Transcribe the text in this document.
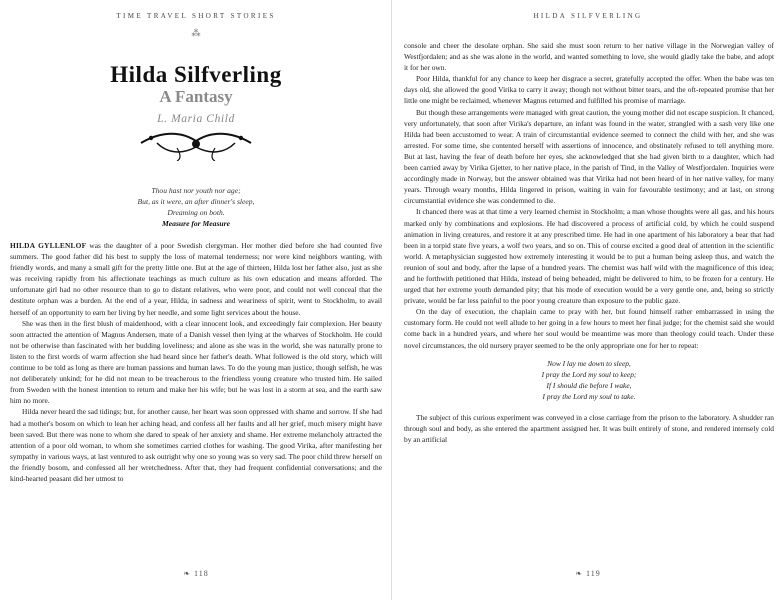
TIME TRAVEL SHORT STORIES
⁂
Hilda Silfverling
A Fantasy
L. Maria Child
Thou hast nor youth nor age;
But, as it were, an after dinner's sleep,
Dreaming on both.
Measure for Measure

HILDA GYLLENLOF was the daughter of a poor Swedish clergyman. Her mother died before she had counted five summers. The good father did his best to supply the loss of maternal tenderness; nor were kind neighbors wanting, with friendly words, and many a small gift for the pretty little one. But at the age of thirteen, Hilda lost her father also, just as she was receiving rapidly from his affectionate teachings as much culture as his own education and means afforded. The unfortunate girl had no other resource than to go to distant relatives, who were poor, and could not well conceal that the destitute orphan was a burden. At the end of a year, Hilda, in sadness and weariness of spirit, went to Stockholm, to avail herself of an opportunity to earn her living by her needle, and some light services about the house.

She was then in the first blush of maidenhood, with a clear innocent look, and exceedingly fair complexion. Her beauty soon attracted the attention of Magnus Andersen, mate of a Danish vessel then lying at the wharves of Stockholm. He could not be otherwise than fascinated with her budding loveliness; and alone as she was in the world, she was naturally prone to listen to the first words of warm affection she had heard since her father's death. What followed is the old story, which will continue to be told as long as there are human passions and human laws. To do the young man justice, though selfish, he was not deliberately unkind; for he did not mean to be treacherous to the friendless young creature who trusted him. He sailed from Sweden with the honest intention to return and make her his wife; but he was lost in a storm at sea, and the earth saw him no more.

Hilda never heard the sad tidings; but, for another cause, her heart was soon oppressed with shame and sorrow. If she had had a mother's bosom on which to lean her aching head, and confess all her faults and all her grief, much misery might have been saved. But there was none to whom she dared to speak of her anxiety and shame. Her extreme melancholy attracted the attention of a poor old woman, to whom she sometimes carried clothes for washing. The good Virika, after manifesting her sympathy in various ways, at last ventured to ask outright why one so young was so very sad. The poor child threw herself on the friendly bosom, and confessed all her wretchedness. After that, they had frequent confidential conversations; and the kind-hearted peasant did her utmost to

❧ 118
HILDA SILFVERLING

console and cheer the desolate orphan. She said she must soon return to her native village in the Norwegian valley of Westfjordalen; and as she was alone in the world, and wanted something to love, she would gladly take the babe, and adopt it for her own.

Poor Hilda, thankful for any chance to keep her disgrace a secret, gratefully accepted the offer. When the babe was ten days old, she allowed the good Virika to carry it away; though not without bitter tears, and the oft-repeated promise that her little one might be reclaimed, whenever Magnus returned and fulfilled his promise of marriage.

But though these arrangements were managed with great caution, the young mother did not escape suspicion. It chanced, very unfortunately, that soon after Virika's departure, an infant was found in the water, strangled with a sash very like one Hilda had been accustomed to wear. A train of circumstantial evidence seemed to connect the child with her, and she was arrested. For some time, she contented herself with assertions of innocence, and obstinately refused to tell anything more. But at last, having the fear of death before her eyes, she acknowledged that she had given birth to a daughter, which had been carried away by Virika Gjetter, to her native place, in the parish of Tind, in the Valley of Westfjordalen. Inquiries were accordingly made in Norway, but the answer obtained was that Virika had not been heard of in her native valley, for many years. Through weary months, Hilda lingered in prison, waiting in vain for favourable testimony; and at last, on strong circumstantial evidence she was condemned to die.

It chanced there was at that time a very learned chemist in Stockholm; a man whose thoughts were all gas, and his hours marked only by combinations and explosions. He had discovered a process of artificial cold, by which he could suspend animation in living creatures, and restore it at any prescribed time. He had in one apartment of his laboratory a bear that had been in a torpid state five years, a wolf two years, and so on. This of course excited a good deal of attention in the scientific world. A metaphysician suggested how extremely interesting it would be to put a human being asleep thus, and watch the reunion of soul and body, after the lapse of a hundred years. The chemist was half wild with the magnificence of this idea; and he forthwith petitioned that Hilda, instead of being beheaded, might be delivered to him, to be frozen for a century. He urged that her extreme youth demanded pity; that his mode of execution would be a very gentle one, and, being so strictly private, would be far less painful to the poor young creature than exposure to the public gaze.

On the day of execution, the chaplain came to pray with her, but found himself rather embarrassed in using the customary form. He could not well allude to her going in a few hours to meet her final judge; for the chemist said she would come back in a hundred years, and where her soul would be meantime was more than theology could teach. Under these novel circumstances, the old nursery prayer seemed to be the only appropriate one for her to repeat:

Now I lay me down to sleep,
I pray the Lord my soul to keep;
If I should die before I wake,
I pray the Lord my soul to take.

The subject of this curious experiment was conveyed in a close carriage from the prison to the laboratory. A shudder ran through soul and body, as she entered the apartment assigned her. It was built entirely of stone, and rendered intensely cold by an artificial

❧ 119
